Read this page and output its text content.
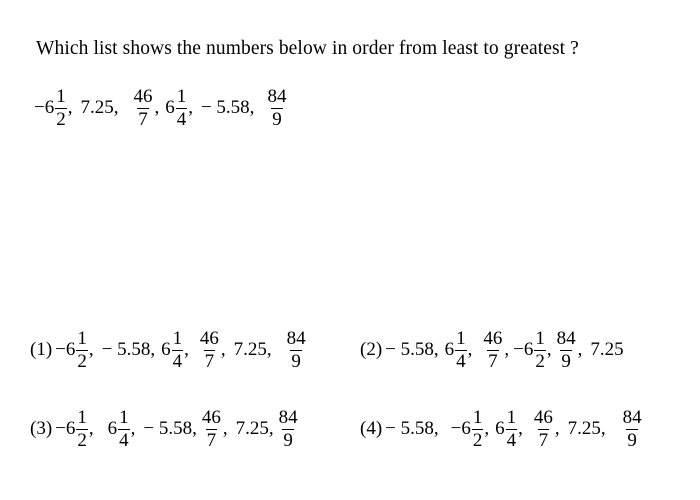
Which list shows the numbers below in order from least to greatest ?
$-6 \frac{1}{2}$ , 7.25, $\frac{46}{7}$ , $6 \frac{1}{4}$ , − 5.58, $\frac{84}{9}$
$(1) -6 \frac{1}{2}$ , − 5.58, $6 \frac{1}{4}$ , $\frac{46}{7}$ , 7.25, $\frac{84}{9}$	(2) − 5.58, $6 \frac{1}{4}$ , $\frac{46}{7}$ , $-6 \frac{1}{2}$ , $\frac{84}{9}$ , 7.25
$(3) -6 \frac{1}{2}$ , $6 \frac{1}{4}$ , − 5.58, $\frac{46}{7}$ , 7.25, $\frac{84}{9}$	(4) − 5.58, $-6 \frac{1}{2}$ , $6 \frac{1}{4}$ , $\frac{46}{7}$ , 7.25, $\frac{84}{9}$
